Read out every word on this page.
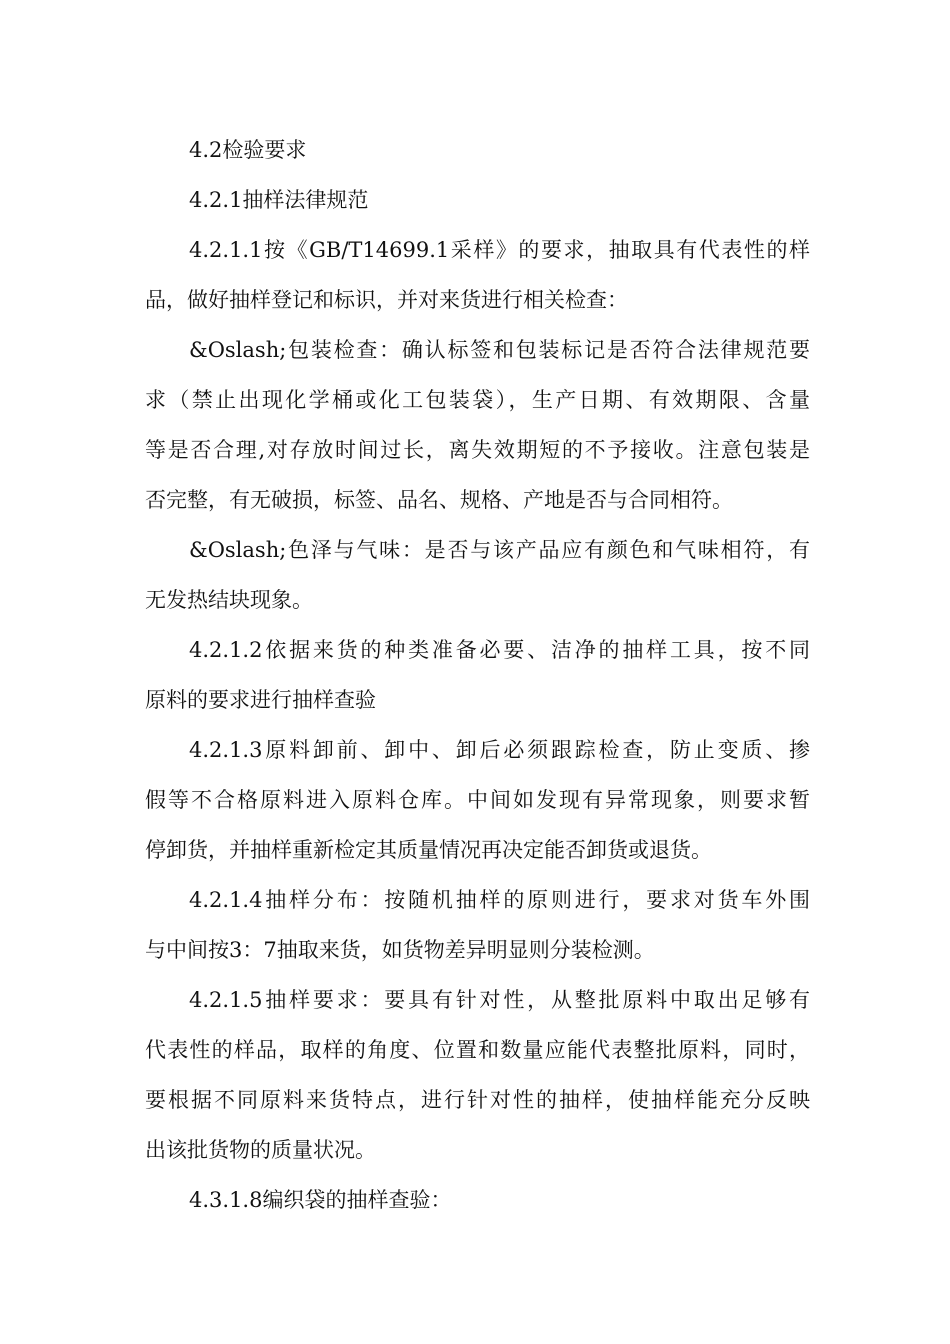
4.2检验要求

4.2.1抽样法律规范

4.2.1.1按《GB/T14699.1采样》的要求，抽取具有代表性的样

品，做好抽样登记和标识，并对来货进行相关检查：

&Oslash;包装检查：确认标签和包装标记是否符合法律规范要

求（禁止出现化学桶或化工包装袋），生产日期、有效期限、含量

等是否合理,对存放时间过长，离失效期短的不予接收。注意包装是

否完整，有无破损，标签、品名、规格、产地是否与合同相符。

&Oslash;色泽与气味：是否与该产品应有颜色和气味相符，有

无发热结块现象。

4.2.1.2依据来货的种类准备必要、洁净的抽样工具，按不同

原料的要求进行抽样查验

4.2.1.3原料卸前、卸中、卸后必须跟踪检查，防止变质、掺

假等不合格原料进入原料仓库。中间如发现有异常现象，则要求暂

停卸货，并抽样重新检定其质量情况再决定能否卸货或退货。

4.2.1.4抽样分布：按随机抽样的原则进行，要求对货车外围

与中间按3：7抽取来货，如货物差异明显则分装检测。

4.2.1.5抽样要求：要具有针对性，从整批原料中取出足够有

代表性的样品，取样的角度、位置和数量应能代表整批原料，同时，

要根据不同原料来货特点，进行针对性的抽样，使抽样能充分反映

出该批货物的质量状况。

4.3.1.8编织袋的抽样查验：
